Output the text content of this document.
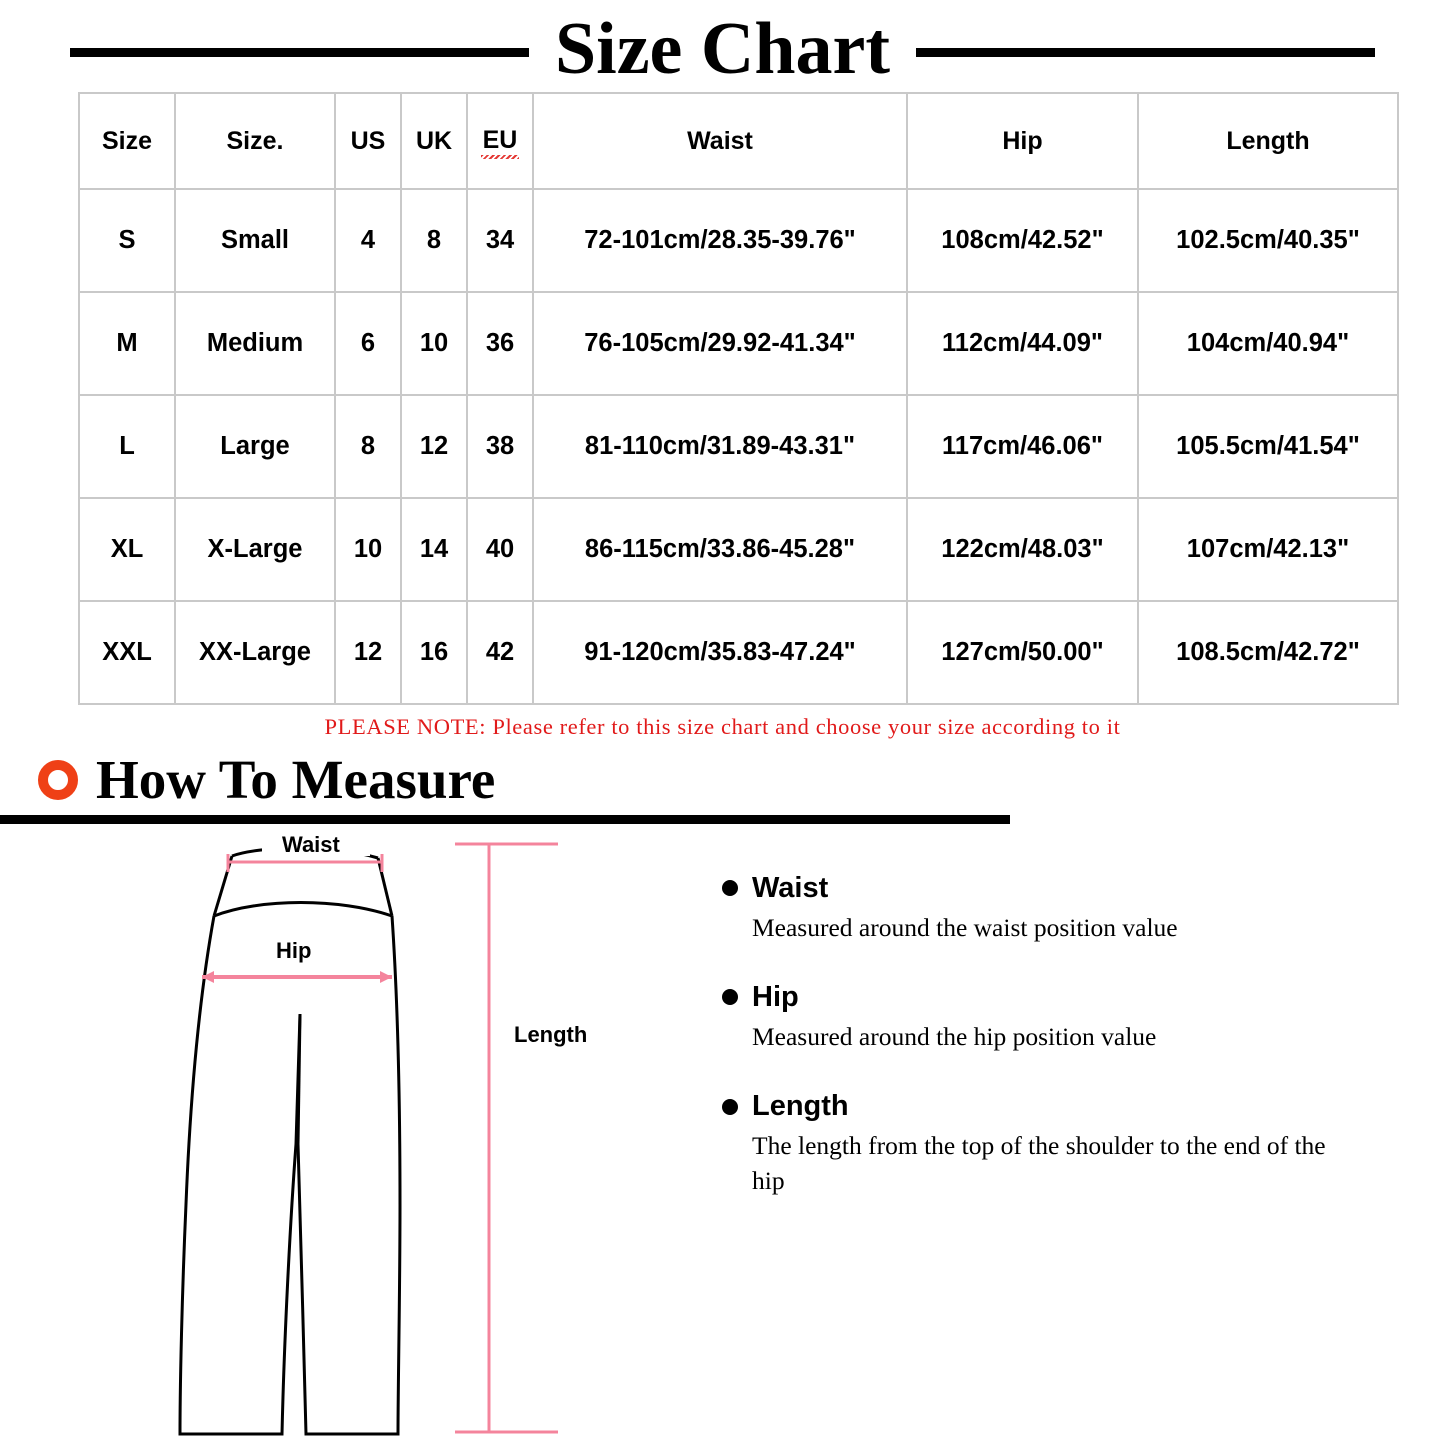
Size Chart
Size	Size.	US	UK	EU	Waist	Hip	Length
S	Small	4	8	34	72-101cm/28.35-39.76"	108cm/42.52"	102.5cm/40.35"
M	Medium	6	10	36	76-105cm/29.92-41.34"	112cm/44.09"	104cm/40.94"
L	Large	8	12	38	81-110cm/31.89-43.31"	117cm/46.06"	105.5cm/41.54"
XL	X-Large	10	14	40	86-115cm/33.86-45.28"	122cm/48.03"	107cm/42.13"
XXL	XX-Large	12	16	42	91-120cm/35.83-47.24"	127cm/50.00"	108.5cm/42.72"
PLEASE NOTE: Please refer to this size chart and choose your size according to it
How To Measure
Waist
Hip
Length
Waist
Measured around the waist position value
Hip
Measured around the hip position value
Length
The length from the top of the shoulder to the end of the hip
